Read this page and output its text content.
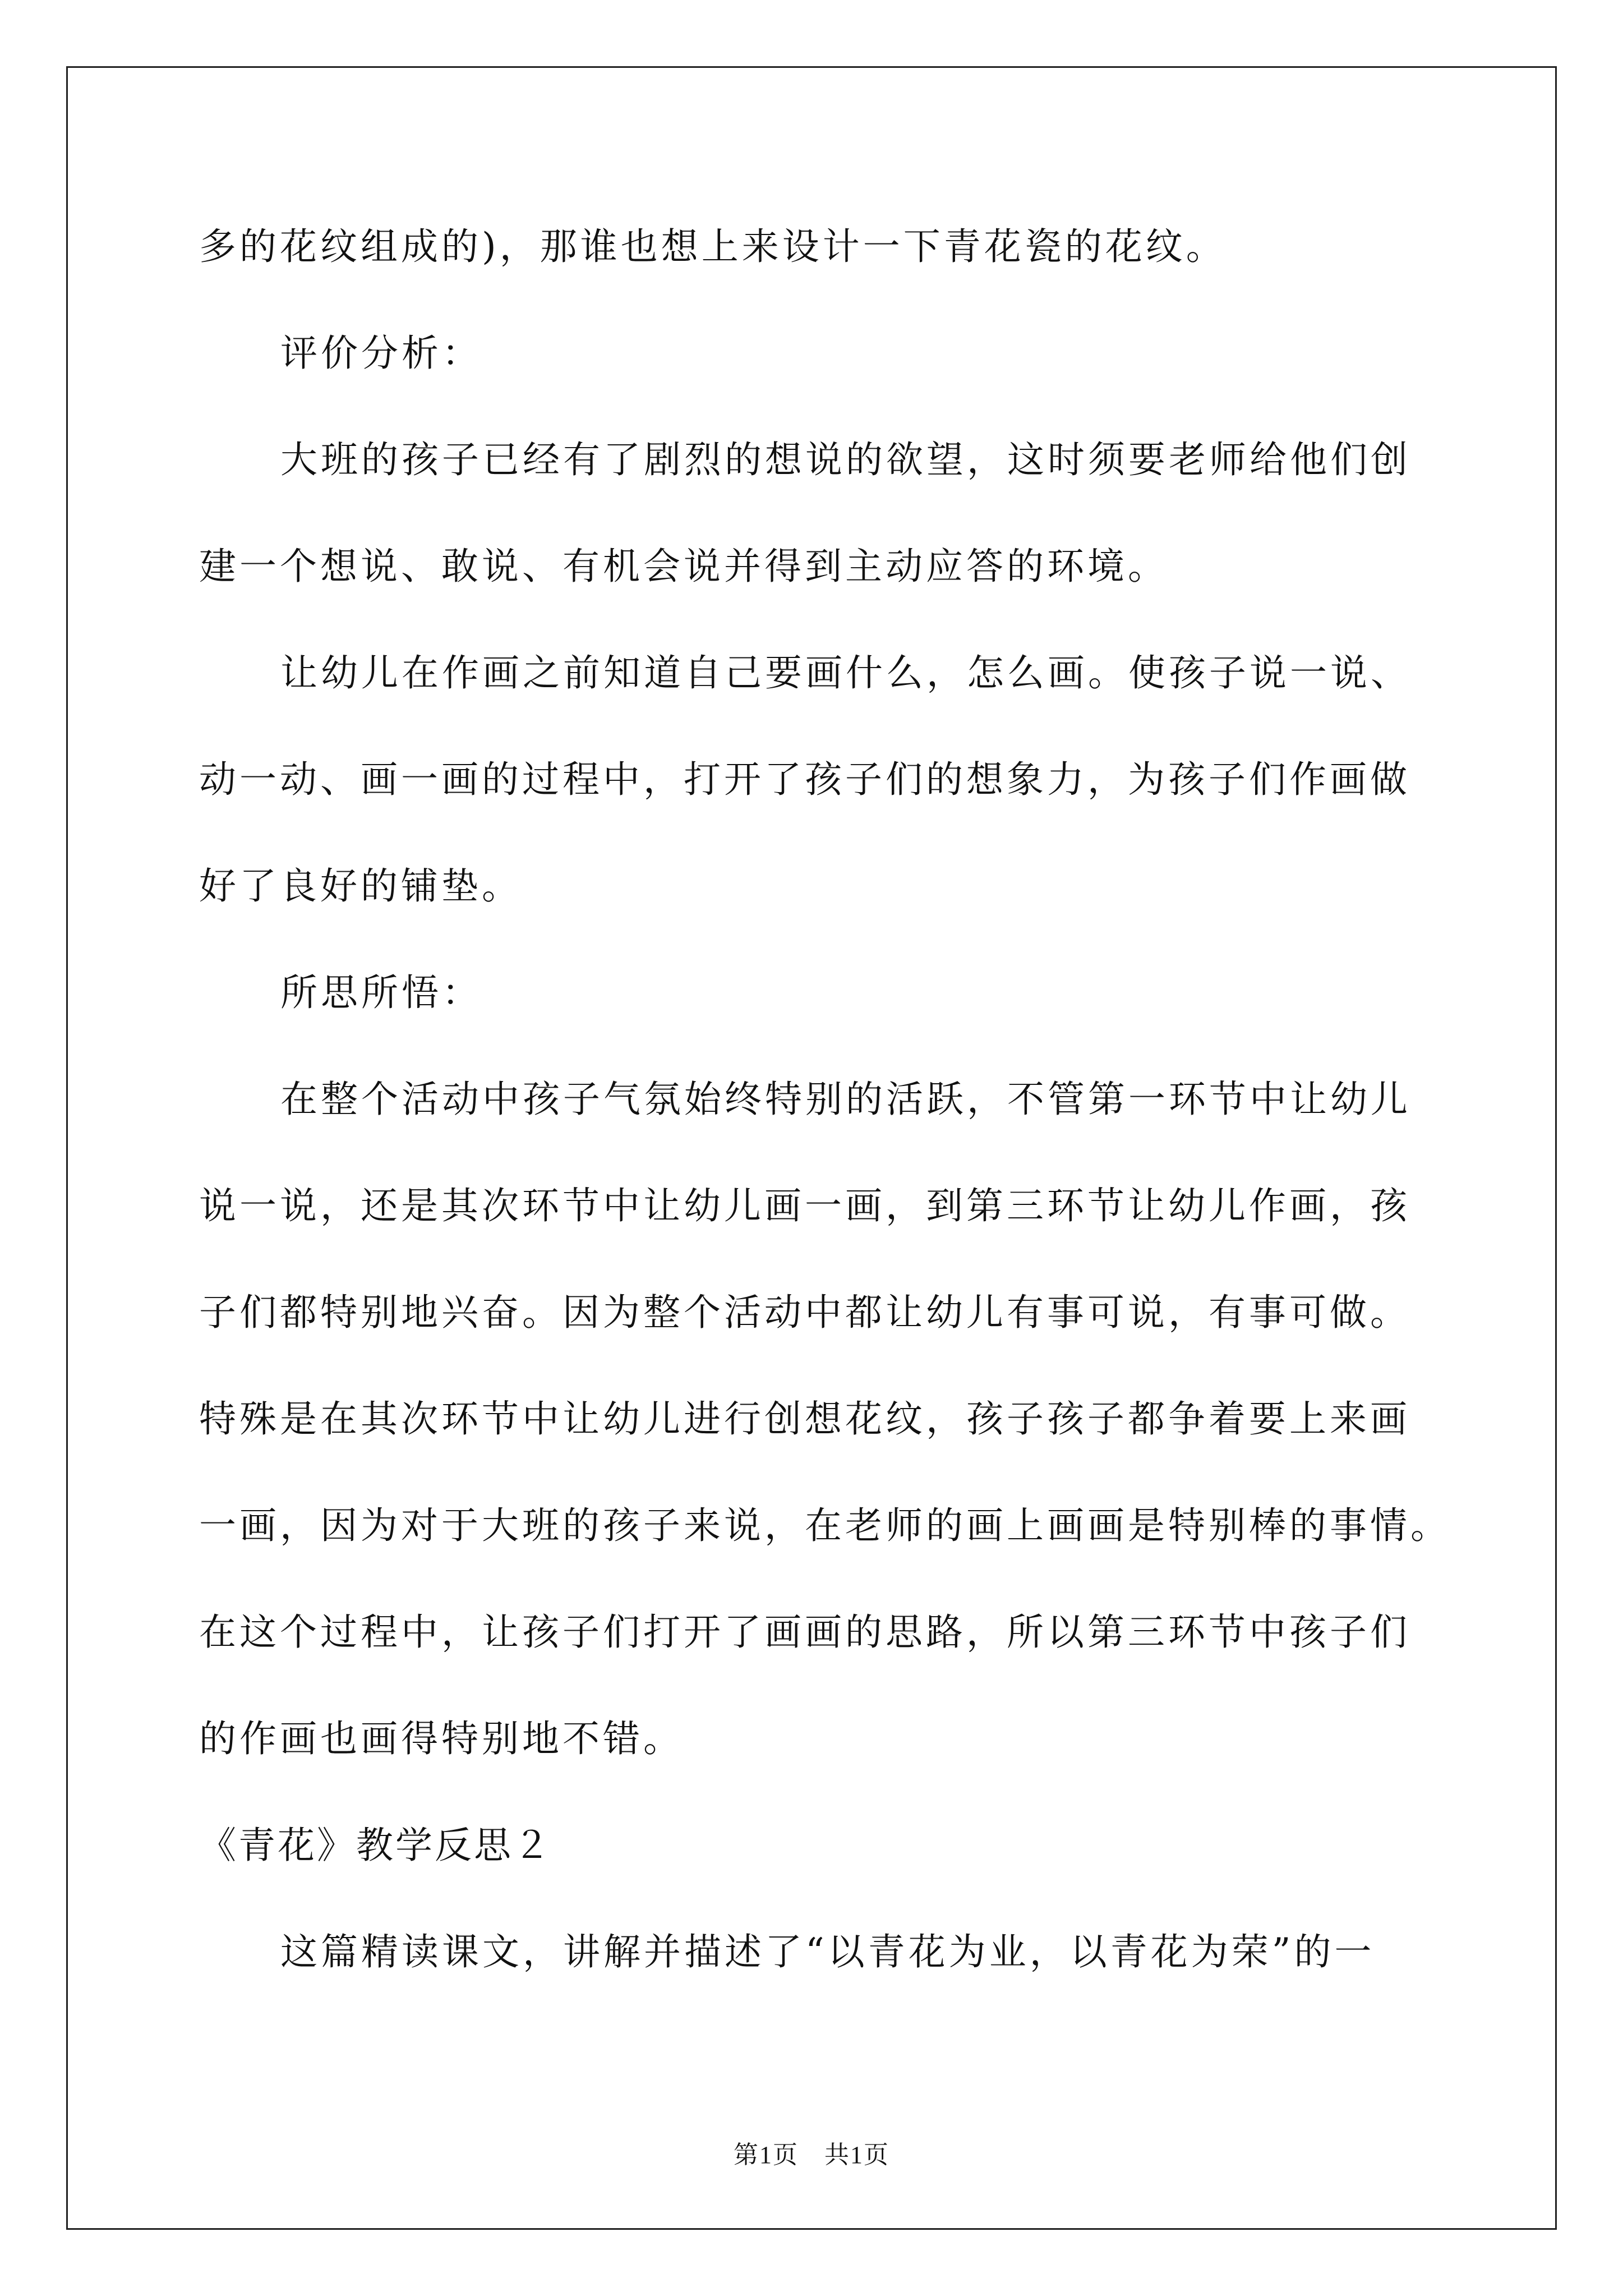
多的花纹组成的)，那谁也想上来设计一下青花瓷的花纹。
评价分析：
大班的孩子已经有了剧烈的想说的欲望，这时须要老师给他们创
建一个想说、敢说、有机会说并得到主动应答的环境。
让幼儿在作画之前知道自己要画什么，怎么画。使孩子说一说、
动一动、画一画的过程中，打开了孩子们的想象力，为孩子们作画做
好了良好的铺垫。
所思所悟：
在整个活动中孩子气氛始终特别的活跃，不管第一环节中让幼儿
说一说，还是其次环节中让幼儿画一画，到第三环节让幼儿作画，孩
子们都特别地兴奋。因为整个活动中都让幼儿有事可说，有事可做。
特殊是在其次环节中让幼儿进行创想花纹，孩子孩子都争着要上来画
一画，因为对于大班的孩子来说，在老师的画上画画是特别棒的事情。
在这个过程中，让孩子们打开了画画的思路，所以第三环节中孩子们
的作画也画得特别地不错。
《青花》教学反思２
这篇精读课文，讲解并描述了“以青花为业，以青花为荣”的一
第1页　共1页
